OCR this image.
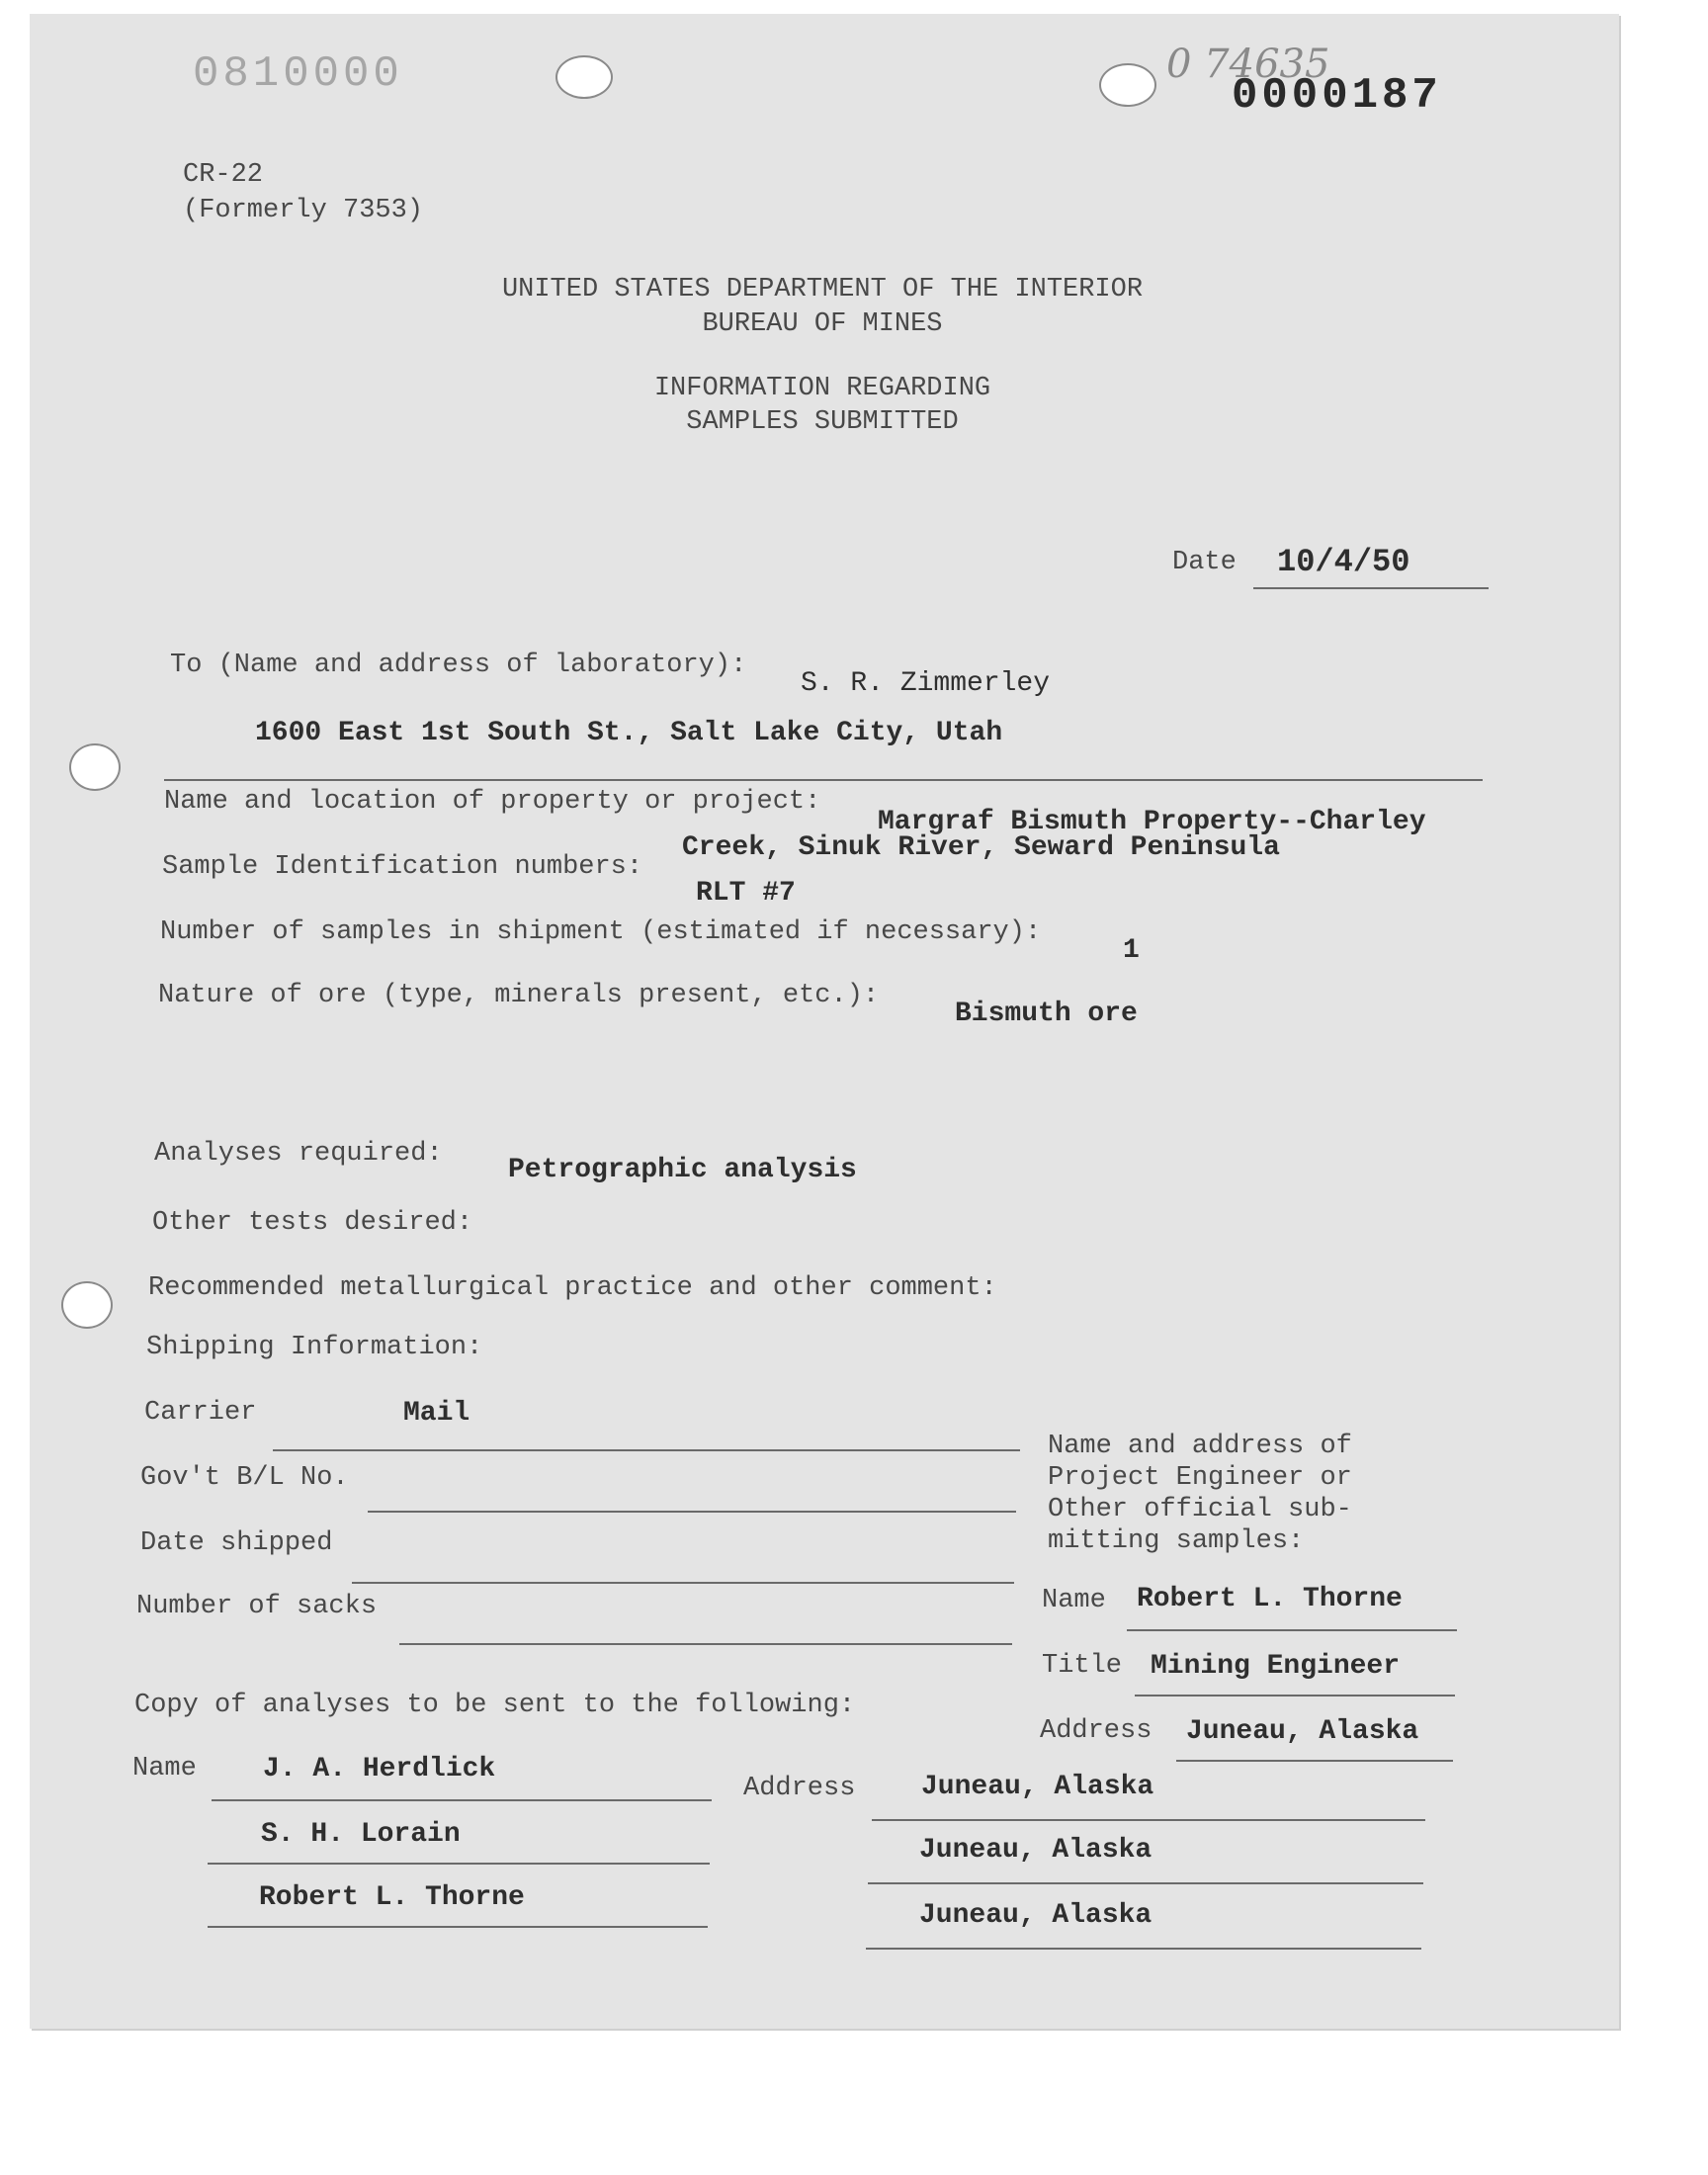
0810000	0 74635
0000187
CR-22
(Formerly 7353)
UNITED STATES DEPARTMENT OF THE INTERIOR
BUREAU OF MINES
INFORMATION REGARDING
SAMPLES SUBMITTED
Date 10/4/50
To (Name and address of laboratory):
S. R. Zimmerley
1600 East 1st South St., Salt Lake City, Utah
Name and location of property or project:
Margraf Bismuth Property--Charley
Creek, Sinuk River, Seward Peninsula
Sample Identification numbers:
RLT #7
Number of samples in shipment (estimated if necessary):
1
Nature of ore (type, minerals present, etc.):
Bismuth ore
Analyses required:
Petrographic analysis
Other tests desired:
Recommended metallurgical practice and other comment:
Shipping Information:
Carrier	Mail
Gov't B/L No.
Date shipped
Number of sacks
Name and address of
Project Engineer or
Other official sub-
mitting samples:
Name Robert L. Thorne
Title Mining Engineer
Address Juneau, Alaska
Copy of analyses to be sent to the following:
Name
Address
J. A. Herdlick
Juneau, Alaska
S. H. Lorain
Juneau, Alaska
Robert L. Thorne
Juneau, Alaska
